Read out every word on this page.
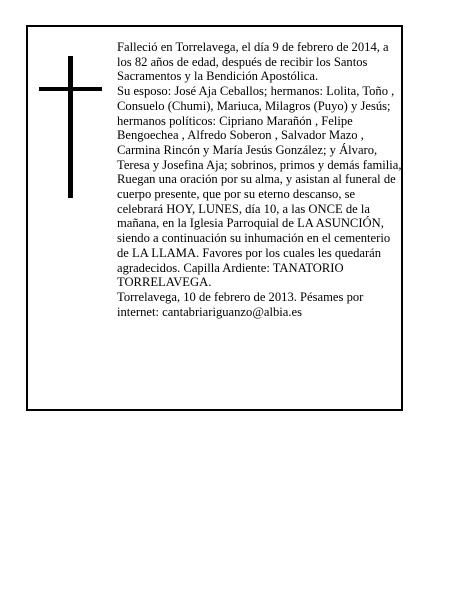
Falleció en Torrelavega, el día 9 de febrero de 2014, a los 82 años de edad, después de recibir los Santos Sacramentos y la Bendición Apostólica.

Su esposo: José Aja Ceballos; hermanos: Lolita, Toño , Consuelo (Chumi), Mariuca, Milagros (Puyo) y Jesús; hermanos políticos: Cipriano Marañón , Felipe Bengoechea , Alfredo Soberon , Salvador Mazo , Carmina Rincón y María Jesús González; y Álvaro, Teresa y Josefina Aja; sobrinos, primos y demás familia,

Ruegan una oración por su alma, y asistan al funeral de cuerpo presente, que por su eterno descanso, se celebrará HOY, LUNES, día 10, a las ONCE de la mañana, en la Iglesia Parroquial de LA ASUNCIÓN, siendo a continuación su inhumación en el cementerio de LA LLAMA. Favores por los cuales les quedarán agradecidos. Capilla Ardiente: TANATORIO TORRELAVEGA.

Torrelavega, 10 de febrero de 2013. Pésames por internet: cantabriariguanzo@albia.es
